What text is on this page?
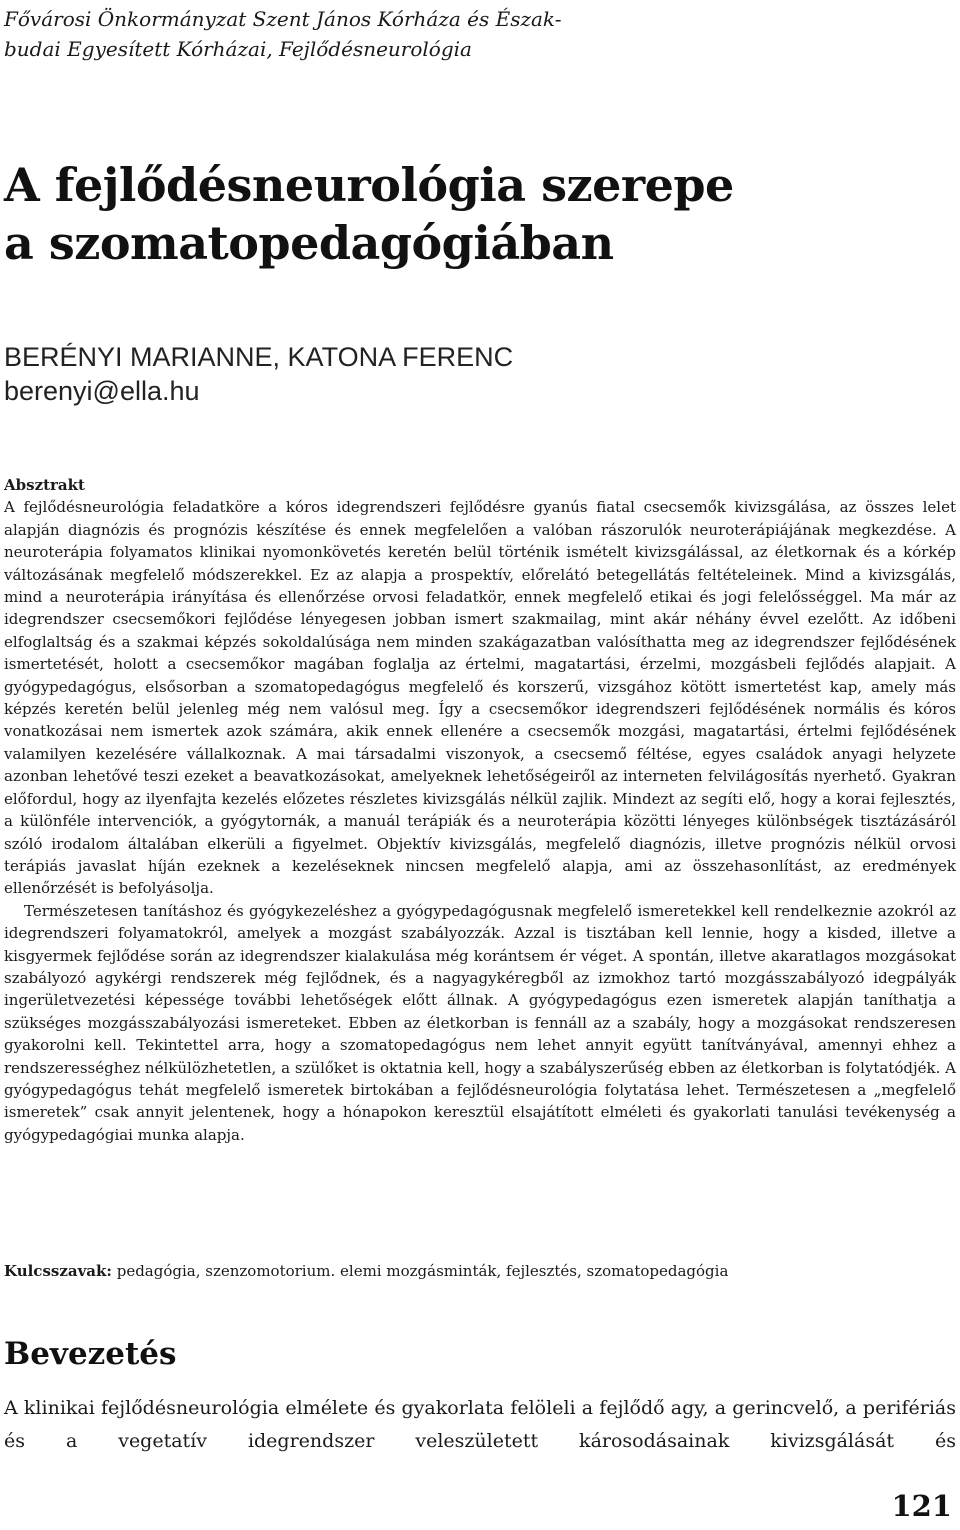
Fővárosi Önkormányzat Szent János Kórháza és Észak-budai Egyesített Kórházai, Fejlődésneurológia
A fejlődésneurológia szerepe
a szomatopedagógiában
BERÉNYI MARIANNE, KATONA FERENC
berenyi@ella.hu

Absztrakt

A fejlődésneurológia feladatköre a kóros idegrendszeri fejlődésre gyanús fiatal csecsemők kivizsgálása, az összes lelet alapján diagnózis és prognózis készítése és ennek megfelelően a valóban rászorulók neuroterápiájának megkezdése. A neuroterápia folyamatos klinikai nyomonkövetés keretén belül történik ismételt kivizsgálással, az életkornak és a kórkép változásának megfelelő módszerekkel. Ez az alapja a prospektív, előrelátó betegellátás feltételeinek. Mind a kivizsgálás, mind a neuroterápia irányítása és ellenőrzése orvosi feladatkör, ennek megfelelő etikai és jogi felelősséggel. Ma már az idegrendszer csecsemőkori fejlődése lényegesen jobban ismert szakmailag, mint akár néhány évvel ezelőtt. Az időbeni elfoglaltság és a szakmai képzés sokoldalúsága nem minden szakágazatban valósíthatta meg az idegrendszer fejlődésének ismertetését, holott a csecsemőkor magában foglalja az értelmi, magatartási, érzelmi, mozgásbeli fejlődés alapjait. A gyógypedagógus, elsősorban a szomatopedagógus megfelelő és korszerű, vizsgához kötött ismertetést kap, amely más képzés keretén belül jelenleg még nem valósul meg. Így a csecsemőkor idegrendszeri fejlődésének normális és kóros vonatkozásai nem ismertek azok számára, akik ennek ellenére a csecsemők mozgási, magatartási, értelmi fejlődésének valamilyen kezelésére vállalkoznak. A mai társadalmi viszonyok, a csecsemő féltése, egyes családok anyagi helyzete azonban lehetővé teszi ezeket a beavatkozásokat, amelyeknek lehetőségeiről az interneten felvilágosítás nyerhető. Gyakran előfordul, hogy az ilyenfajta kezelés előzetes részletes kivizsgálás nélkül zajlik. Mindezt az segíti elő, hogy a korai fejlesztés, a különféle intervenciók, a gyógytornák, a manuál terápiák és a neuroterápia közötti lényeges különbségek tisztázásáról szóló irodalom általában elkerüli a figyelmet. Objektív kivizsgálás, megfelelő diagnózis, illetve prognózis nélkül orvosi terápiás javaslat híján ezeknek a kezeléseknek nincsen megfelelő alapja, ami az összehasonlítást, az eredmények ellenőrzését is befolyásolja.

Természetesen tanításhoz és gyógykezeléshez a gyógypedagógusnak megfelelő ismeretekkel kell rendelkeznie azokról az idegrendszeri folyamatokról, amelyek a mozgást szabályozzák. Azzal is tisztában kell lennie, hogy a kisded, illetve a kisgyermek fejlődése során az idegrendszer kialakulása még korántsem ér véget. A spontán, illetve akaratlagos mozgásokat szabályozó agykérgi rendszerek még fejlődnek, és a nagyagykéregből az izmokhoz tartó mozgásszabályozó idegpályák ingerületvezetési képessége további lehetőségek előtt állnak. A gyógypedagógus ezen ismeretek alapján taníthatja a szükséges mozgásszabályozási ismereteket. Ebben az életkorban is fennáll az a szabály, hogy a mozgásokat rendszeresen gyakorolni kell. Tekintettel arra, hogy a szomatopedagógus nem lehet annyit együtt tanítványával, amennyi ehhez a rendszerességhez nélkülözhetetlen, a szülőket is oktatnia kell, hogy a szabályszerűség ebben az életkorban is folytatódjék. A gyógypedagógus tehát megfelelő ismeretek birtokában a fejlődésneurológia folytatása lehet. Természetesen a „megfelelő ismeretek” csak annyit jelentenek, hogy a hónapokon keresztül elsajátított elméleti és gyakorlati tanulási tevékenység a gyógypedagógiai munka alapja.

Kulcsszavak: pedagógia, szenzomotorium. elemi mozgásminták, fejlesztés, szomatopedagógia
Bevezetés

A klinikai fejlődésneurológia elmélete és gyakorlata felöleli a fejlődő agy, a gerincvelő, a perifériás és a vegetatív idegrendszer veleszületett károsodásainak kivizsgálását és

121
